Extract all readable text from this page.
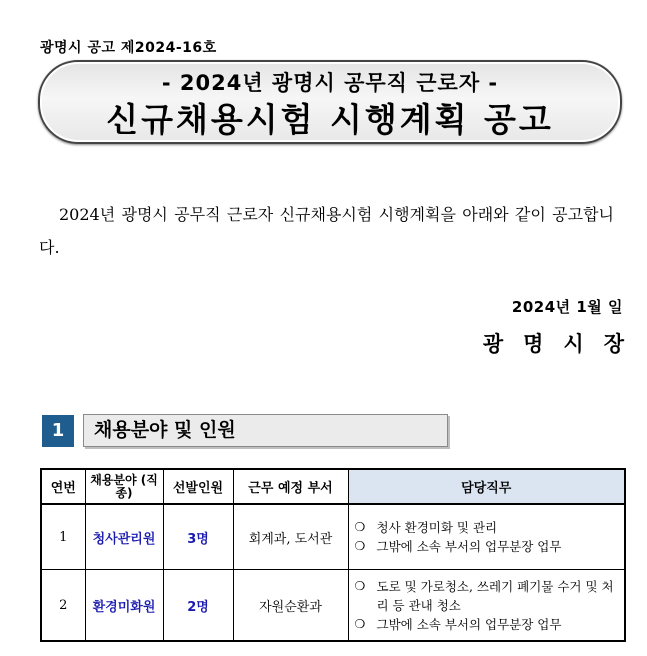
광명시 공고 제2024-16호
- 2024년 광명시 공무직 근로자 -
신규채용시험 시행계획 공고
2024년 광명시 공무직 근로자 신규채용시험 시행계획을 아래와 같이 공고합니다.
2024년 1월 일
광명시장
1	채용분야 및 인원
연번	채용분야 (직종)	선발인원	근무 예정 부서	담당직무
1	청사관리원	3명	회계과, 도서관	❍ 청사 환경미화 및 관리
❍ 그밖에 소속 부서의 업무분장 업무

2	환경미화원	2명	자원순환과	❍ 도로 및 가로청소, 쓰레기 폐기물 수거 및 처리 등 관내 청소
❍ 그밖에 소속 부서의 업무분장 업무
